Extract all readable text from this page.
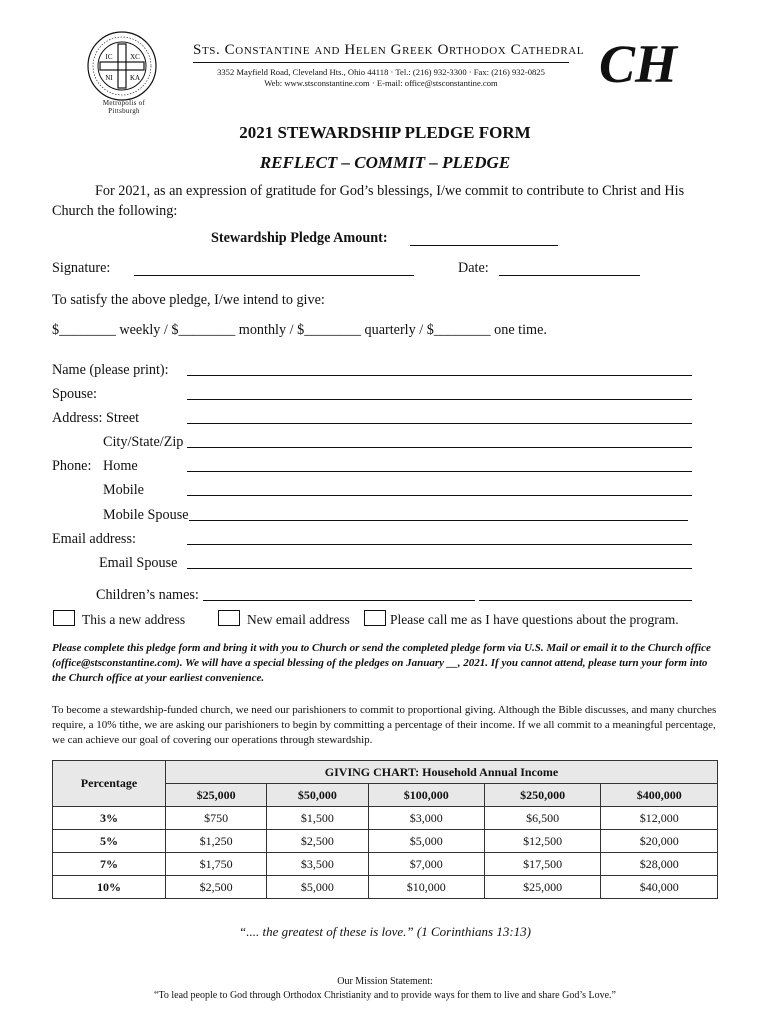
IC	XC
NI KA
Metropolis of
Pittsburgh
Sts. Constantine and Helen Greek Orthodox Cathedral
3352 Mayfield Road, Cleveland Hts., Ohio 44118 · Tel.: (216) 932-3300 · Fax: (216) 932-0825
Web: www.stsconstantine.com · E-mail: office@stsconstantine.com	CH
2021 STEWARDSHIP PLEDGE FORM
REFLECT – COMMIT – PLEDGE
For 2021, as an expression of gratitude for God’s blessings, I/we commit to contribute to Christ and His Church the following:
Stewardship Pledge Amount:
Signature:	Date:
To satisfy the above pledge, I/we intend to give:
$________ weekly / $________ monthly / $________ quarterly / $________ one time.
Name (please print):
Spouse:
Address: Street
City/State/Zip
Phone: Home
Mobile
Mobile Spouse
Email address:
Email Spouse
Children’s names:
This a new address	New email address	Please call me as I have questions about the program.
Please complete this pledge form and bring it with you to Church or send the completed pledge form via U.S. Mail or email it to the Church office (office@stsconstantine.com). We will have a special blessing of the pledges on January __, 2021. If you cannot attend, please turn your form into the Church office at your earliest convenience.
To become a stewardship-funded church, we need our parishioners to commit to proportional giving. Although the Bible discusses, and many churches require, a 10% tithe, we are asking our parishioners to begin by committing a percentage of their income. If we all commit to a meaningful percentage, we can achieve our goal of covering our operations through stewardship.
Percentage	GIVING CHART: Household Annual Income				
	$25,000	$50,000	$100,000	$250,000	$400,000
3%	$750	$1,500	$3,000	$6,500	$12,000
5%	$1,250	$2,500	$5,000	$12,500	$20,000
7%	$1,750	$3,500	$7,000	$17,500	$28,000
10%	$2,500	$5,000	$10,000	$25,000	$40,000
“.... the greatest of these is love.” (1 Corinthians 13:13)
Our Mission Statement:
“To lead people to God through Orthodox Christianity and to provide ways for them to live and share God’s Love.”
